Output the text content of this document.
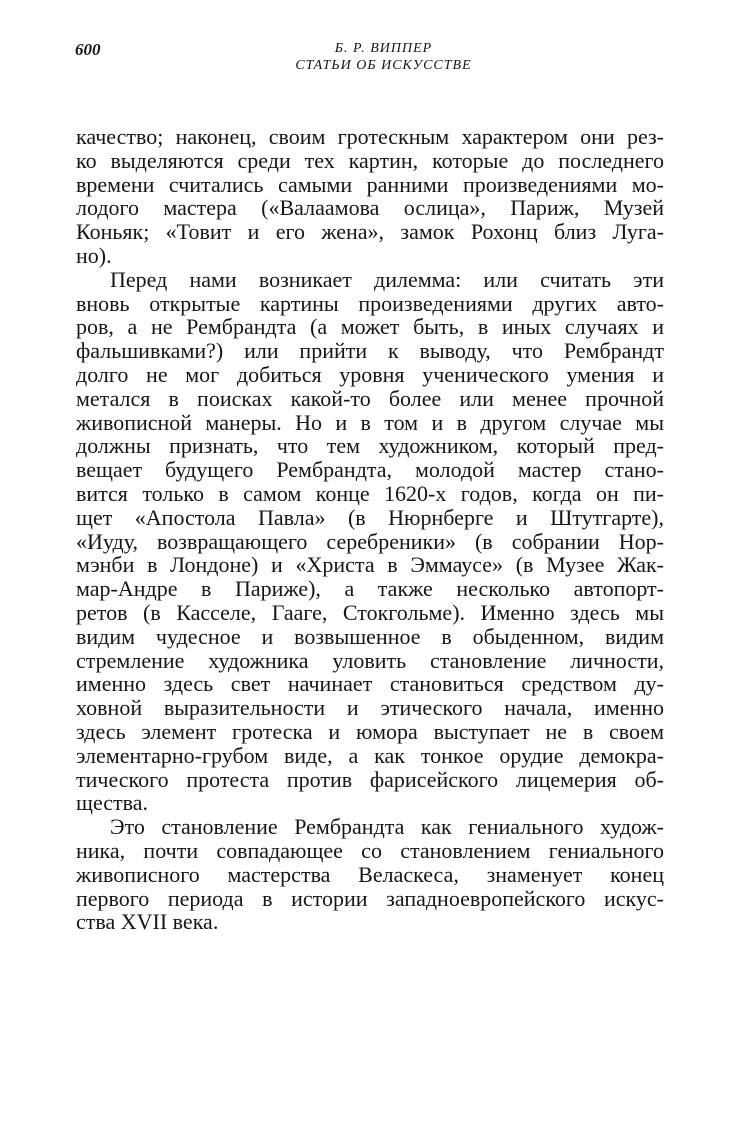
600	Б. Р. ВИППЕР
СТАТЬИ ОБ ИСКУССТВЕ
качество; наконец, своим гротескным характером они рез-
ко выделяются среди тех картин, которые до последнего
времени считались самыми ранними произведениями мо-
лодого мастера («Валаамова ослица», Париж, Музей
Коньяк; «Товит и его жена», замок Рохонц близ Луга-
но).
Перед нами возникает дилемма: или считать эти
вновь открытые картины произведениями других авто-
ров, а не Рембрандта (а может быть, в иных случаях и
фальшивками?) или прийти к выводу, что Рембрандт
долго не мог добиться уровня ученического умения и
метался в поисках какой-то более или менее прочной
живописной манеры. Но и в том и в другом случае мы
должны признать, что тем художником, который пред-
вещает будущего Рембрандта, молодой мастер стано-
вится только в самом конце 1620-х годов, когда он пи-
щет «Апостола Павла» (в Нюрнберге и Штутгарте),
«Иуду, возвращающего серебреники» (в собрании Нор-
мэнби в Лондоне) и «Христа в Эммаусе» (в Музее Жак-
мар-Андре в Париже), а также несколько автопорт-
ретов (в Касселе, Гааге, Стокгольме). Именно здесь мы
видим чудесное и возвышенное в обыденном, видим
стремление художника уловить становление личности,
именно здесь свет начинает становиться средством ду-
ховной выразительности и этического начала, именно
здесь элемент гротеска и юмора выступает не в своем
элементарно-грубом виде, а как тонкое орудие демокра-
тического протеста против фарисейского лицемерия об-
щества.
Это становление Рембрандта как гениального худож-
ника, почти совпадающее со становлением гениального
живописного мастерства Веласкеса, знаменует конец
первого периода в истории западноевропейского искус-
ства XVII века.
